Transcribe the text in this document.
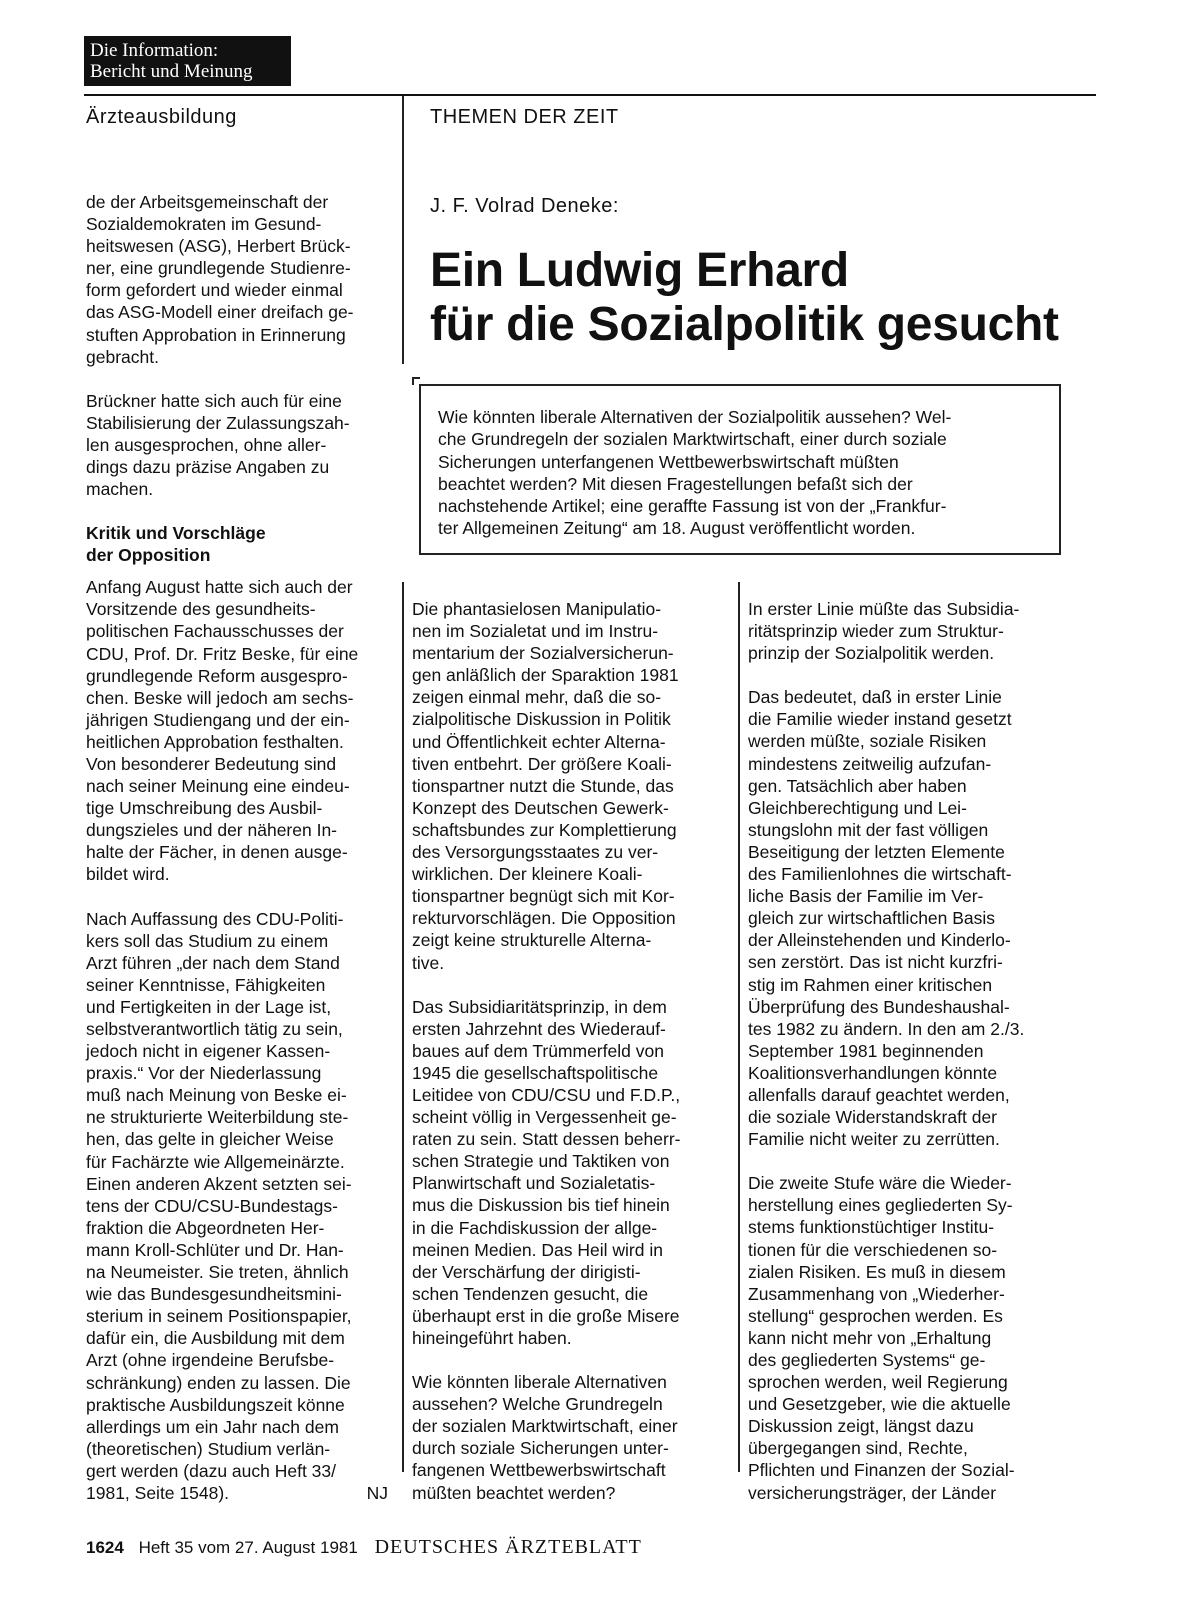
Die Information:
Bericht und Meinung
Ärzteausbildung	THEMEN DER ZEIT
J. F. Volrad Deneke:
Ein Ludwig Erhard
für die Sozialpolitik gesucht
Wie könnten liberale Alternativen der Sozialpolitik aussehen? Wel-
che Grundregeln der sozialen Marktwirtschaft, einer durch soziale
Sicherungen unterfangenen Wettbewerbswirtschaft müßten
beachtet werden? Mit diesen Fragestellungen befaßt sich der
nachstehende Artikel; eine geraffte Fassung ist von der „Frankfur-
ter Allgemeinen Zeitung“ am 18. August veröffentlicht worden.

de der Arbeitsgemeinschaft der
Sozialdemokraten im Gesund-
heitswesen (ASG), Herbert Brück-
ner, eine grundlegende Studienre-
form gefordert und wieder einmal
das ASG-Modell einer dreifach ge-
stuften Approbation in Erinnerung
gebracht.

Brückner hatte sich auch für eine
Stabilisierung der Zulassungszah-
len ausgesprochen, ohne aller-
dings dazu präzise Angaben zu
machen.

Kritik und Vorschläge
der Opposition

Anfang August hatte sich auch der
Vorsitzende des gesundheits-
politischen Fachausschusses der
CDU, Prof. Dr. Fritz Beske, für eine
grundlegende Reform ausgespro-
chen. Beske will jedoch am sechs-
jährigen Studiengang und der ein-
heitlichen Approbation festhalten.
Von besonderer Bedeutung sind
nach seiner Meinung eine eindeu-
tige Umschreibung des Ausbil-
dungszieles und der näheren In-
halte der Fächer, in denen ausge-
bildet wird.

Nach Auffassung des CDU-Politi-
kers soll das Studium zu einem
Arzt führen „der nach dem Stand
seiner Kenntnisse, Fähigkeiten
und Fertigkeiten in der Lage ist,
selbstverantwortlich tätig zu sein,
jedoch nicht in eigener Kassen-
praxis.“ Vor der Niederlassung
muß nach Meinung von Beske ei-
ne strukturierte Weiterbildung ste-
hen, das gelte in gleicher Weise
für Fachärzte wie Allgemeinärzte.
Einen anderen Akzent setzten sei-
tens der CDU/CSU-Bundestags-
fraktion die Abgeordneten Her-
mann Kroll-Schlüter und Dr. Han-
na Neumeister. Sie treten, ähnlich
wie das Bundesgesundheitsmini-
sterium in seinem Positionspapier,
dafür ein, die Ausbildung mit dem
Arzt (ohne irgendeine Berufsbe-
schränkung) enden zu lassen. Die
praktische Ausbildungszeit könne
allerdings um ein Jahr nach dem
(theoretischen) Studium verlän-
gert werden (dazu auch Heft 33/
1981, Seite 1548).	NJ

Die phantasielosen Manipulatio-
nen im Sozialetat und im Instru-
mentarium der Sozialversicherun-
gen anläßlich der Sparaktion 1981
zeigen einmal mehr, daß die so-
zialpolitische Diskussion in Politik
und Öffentlichkeit echter Alterna-
tiven entbehrt. Der größere Koali-
tionspartner nutzt die Stunde, das
Konzept des Deutschen Gewerk-
schaftsbundes zur Komplettierung
des Versorgungsstaates zu ver-
wirklichen. Der kleinere Koali-
tionspartner begnügt sich mit Kor-
rekturvorschlägen. Die Opposition
zeigt keine strukturelle Alterna-
tive.

Das Subsidiaritätsprinzip, in dem
ersten Jahrzehnt des Wiederauf-
baues auf dem Trümmerfeld von
1945 die gesellschaftspolitische
Leitidee von CDU/CSU und F.D.P.,
scheint völlig in Vergessenheit ge-
raten zu sein. Statt dessen beherr-
schen Strategie und Taktiken von
Planwirtschaft und Sozialetatis-
mus die Diskussion bis tief hinein
in die Fachdiskussion der allge-
meinen Medien. Das Heil wird in
der Verschärfung der dirigisti-
schen Tendenzen gesucht, die
überhaupt erst in die große Misere
hineingeführt haben.

Wie könnten liberale Alternativen
aussehen? Welche Grundregeln
der sozialen Marktwirtschaft, einer
durch soziale Sicherungen unter-
fangenen Wettbewerbswirtschaft
müßten beachtet werden?

In erster Linie müßte das Subsidia-
ritätsprinzip wieder zum Struktur-
prinzip der Sozialpolitik werden.

Das bedeutet, daß in erster Linie
die Familie wieder instand gesetzt
werden müßte, soziale Risiken
mindestens zeitweilig aufzufan-
gen. Tatsächlich aber haben
Gleichberechtigung und Lei-
stungslohn mit der fast völligen
Beseitigung der letzten Elemente
des Familienlohnes die wirtschaft-
liche Basis der Familie im Ver-
gleich zur wirtschaftlichen Basis
der Alleinstehenden und Kinderlo-
sen zerstört. Das ist nicht kurzfri-
stig im Rahmen einer kritischen
Überprüfung des Bundeshaushal-
tes 1982 zu ändern. In den am 2./3.
September 1981 beginnenden
Koalitionsverhandlungen könnte
allenfalls darauf geachtet werden,
die soziale Widerstandskraft der
Familie nicht weiter zu zerrütten.

Die zweite Stufe wäre die Wieder-
herstellung eines gegliederten Sy-
stems funktionstüchtiger Institu-
tionen für die verschiedenen so-
zialen Risiken. Es muß in diesem
Zusammenhang von „Wiederher-
stellung“ gesprochen werden. Es
kann nicht mehr von „Erhaltung
des gegliederten Systems“ ge-
sprochen werden, weil Regierung
und Gesetzgeber, wie die aktuelle
Diskussion zeigt, längst dazu
übergegangen sind, Rechte,
Pflichten und Finanzen der Sozial-
versicherungsträger, der Länder

1624 Heft 35 vom 27. August 1981 DEUTSCHES ÄRZTEBLATT
